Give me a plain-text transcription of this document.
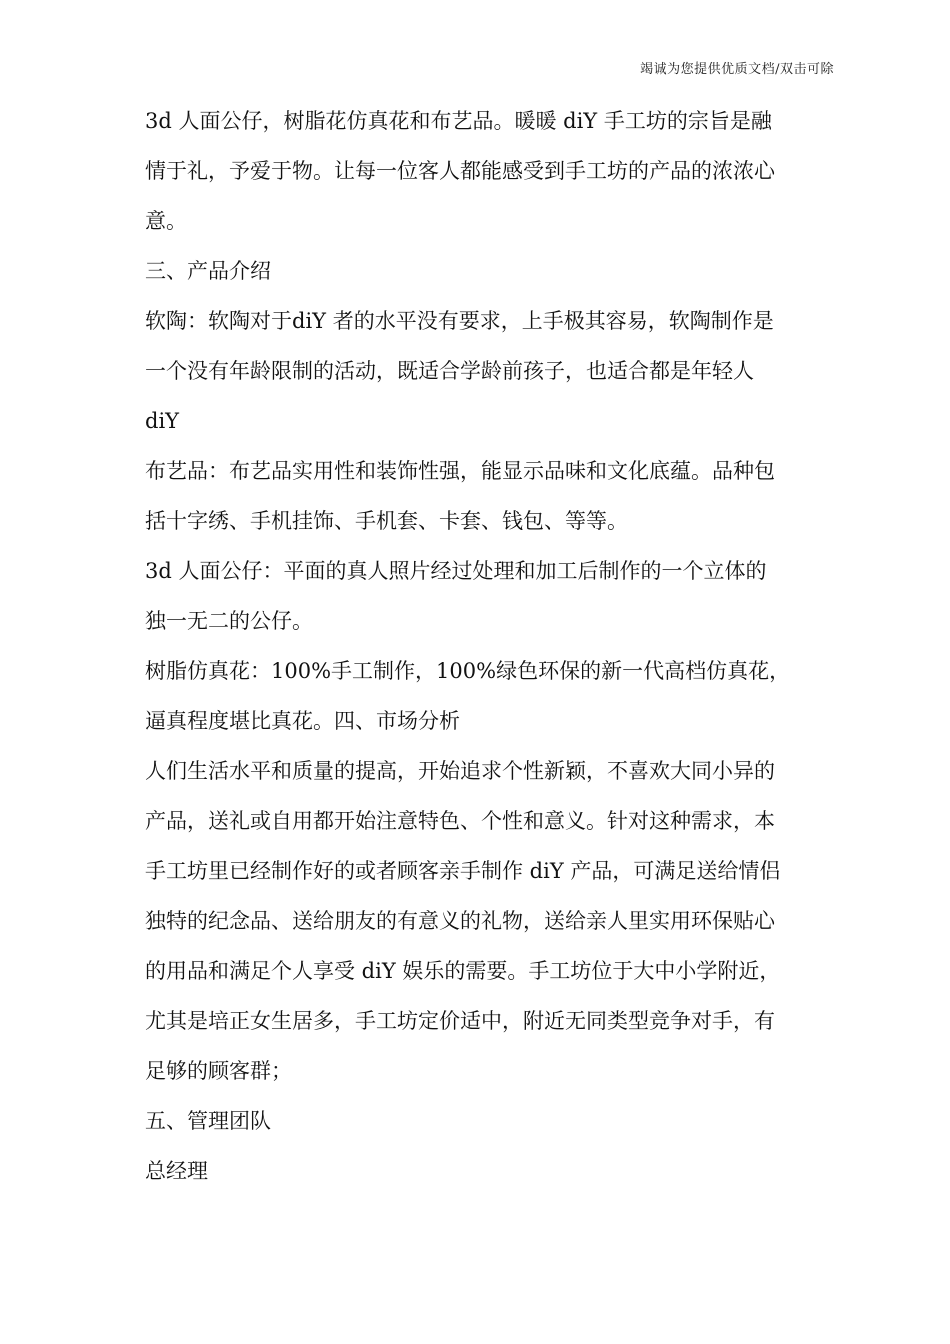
竭诚为您提供优质文档/双击可除
3d 人面公仔，树脂花仿真花和布艺品。暖暖 diY 手工坊的宗旨是融
情于礼，予爱于物。让每一位客人都能感受到手工坊的产品的浓浓心
意。
三、产品介绍
软陶：软陶对于diY 者的水平没有要求，上手极其容易，软陶制作是
一个没有年龄限制的活动，既适合学龄前孩子，也适合都是年轻人
diY
布艺品：布艺品实用性和装饰性强，能显示品味和文化底蕴。品种包
括十字绣、手机挂饰、手机套、卡套、钱包、等等。
3d 人面公仔：平面的真人照片经过处理和加工后制作的一个立体的
独一无二的公仔。
树脂仿真花：100%手工制作，100%绿色环保的新一代高档仿真花，
逼真程度堪比真花。四、市场分析
人们生活水平和质量的提高，开始追求个性新颖，不喜欢大同小异的
产品，送礼或自用都开始注意特色、个性和意义。针对这种需求，本
手工坊里已经制作好的或者顾客亲手制作 diY 产品，可满足送给情侣
独特的纪念品、送给朋友的有意义的礼物，送给亲人里实用环保贴心
的用品和满足个人享受 diY 娱乐的需要。手工坊位于大中小学附近，
尤其是培正女生居多，手工坊定价适中，附近无同类型竞争对手，有
足够的顾客群；
五、管理团队
总经理
